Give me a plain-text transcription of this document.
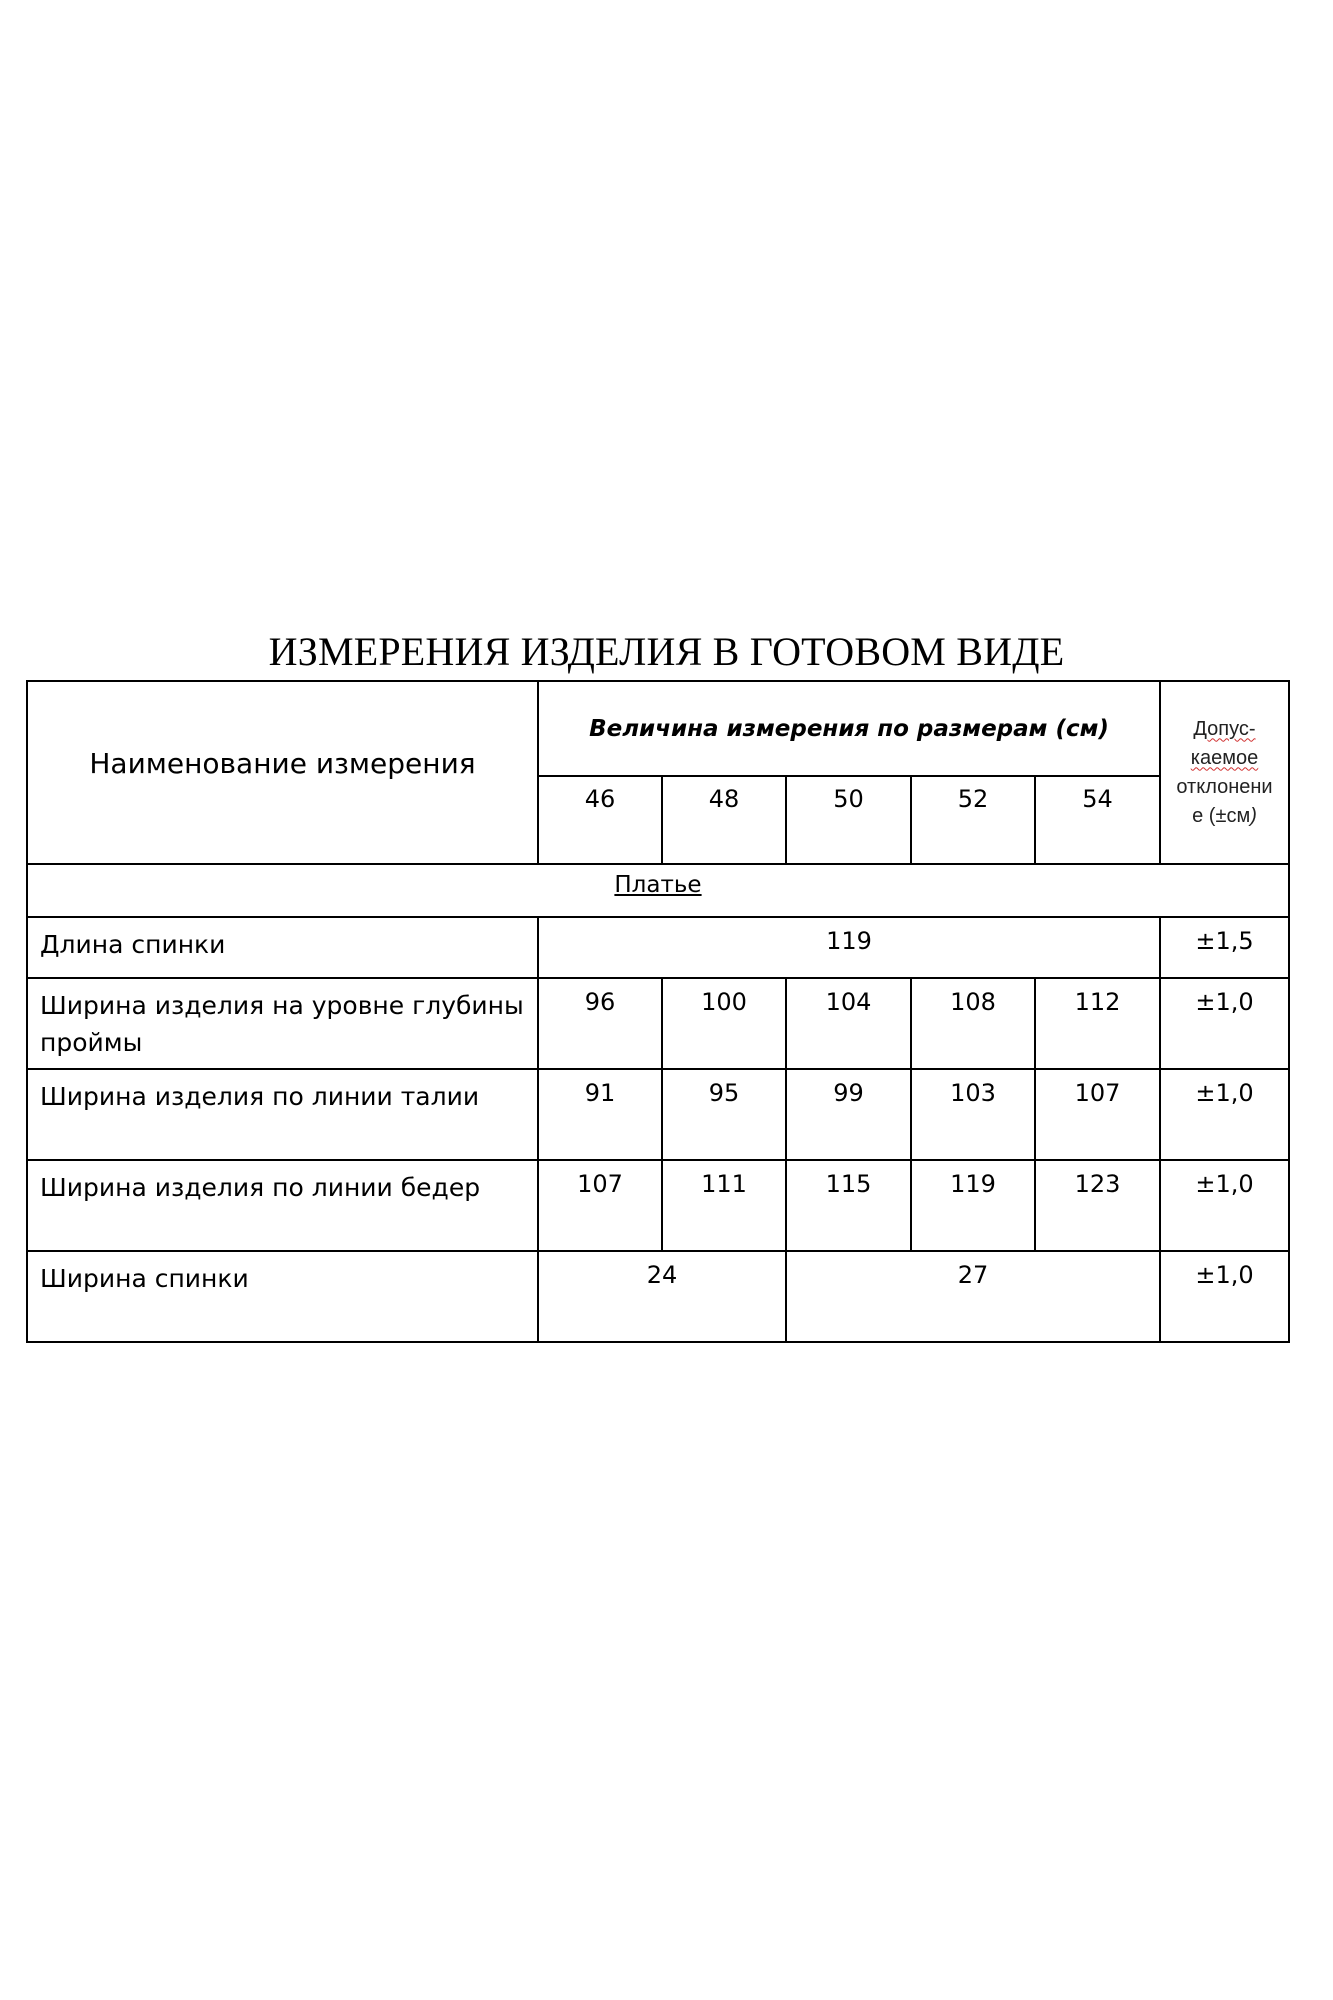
ИЗМЕРЕНИЯ ИЗДЕЛИЯ В ГОТОВОМ ВИДЕ
Наименование измерения	Величина измерения по размерам (см)					Допус-
каемое
отклонени
е (±см)
	46	48	50	52	54	
Платье						
Длина спинки	119					±1,5
Ширина изделия на уровне глубины проймы	96	100	104	108	112	±1,0
Ширина изделия по линии талии	91	95	99	103	107	±1,0
Ширина изделия по линии бедер	107	111	115	119	123	±1,0
Ширина спинки	24		27			±1,0
